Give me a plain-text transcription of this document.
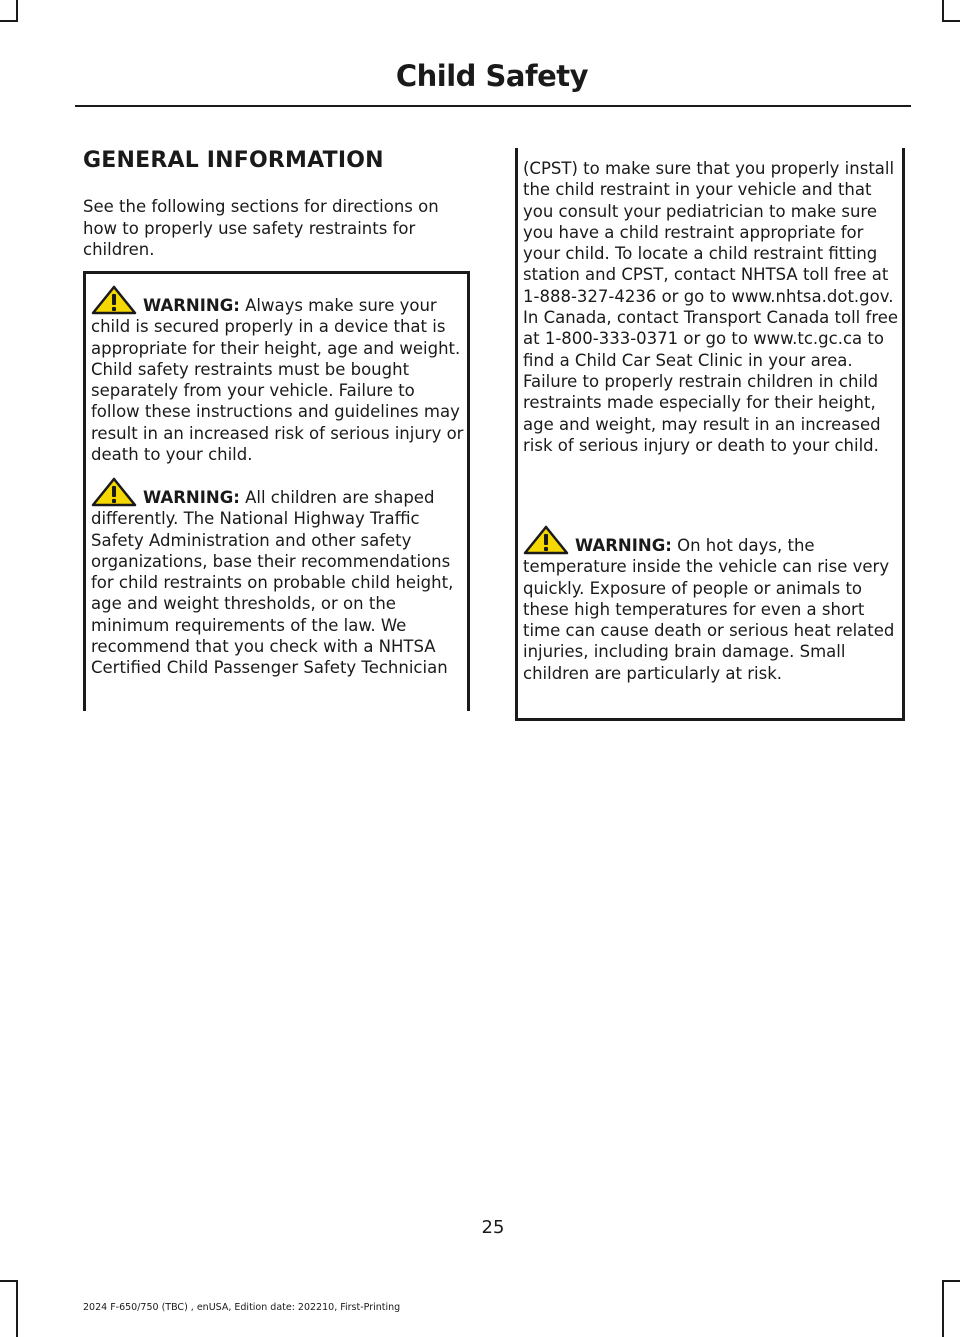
Child Safety
GENERAL INFORMATION

See the following sections for directions on how to properly use safety restraints for children.

WARNING: Always make sure your child is secured properly in a device that is appropriate for their height, age and weight. Child safety restraints must be bought separately from your vehicle. Failure to follow these instructions and guidelines may result in an increased risk of serious injury or death to your child.

WARNING: All children are shaped differently. The National Highway Traffic Safety Administration and other safety organizations, base their recommendations for child restraints on probable child height, age and weight thresholds, or on the minimum requirements of the law. We recommend that you check with a NHTSA Certified Child Passenger Safety Technician

(CPST) to make sure that you properly install the child restraint in your vehicle and that you consult your pediatrician to make sure you have a child restraint appropriate for your child. To locate a child restraint fitting station and CPST, contact NHTSA toll free at 1-888-327-4236 or go to www.nhtsa.dot.gov. In Canada, contact Transport Canada toll free at 1-800-333-0371 or go to www.tc.gc.ca to find a Child Car Seat Clinic in your area. Failure to properly restrain children in child restraints made especially for their height, age and weight, may result in an increased risk of serious injury or death to your child.

WARNING: On hot days, the temperature inside the vehicle can rise very quickly. Exposure of people or animals to these high temperatures for even a short time can cause death or serious heat related injuries, including brain damage. Small children are particularly at risk.

25
2024 F-650/750 (TBC) , enUSA, Edition date: 202210, First-Printing
